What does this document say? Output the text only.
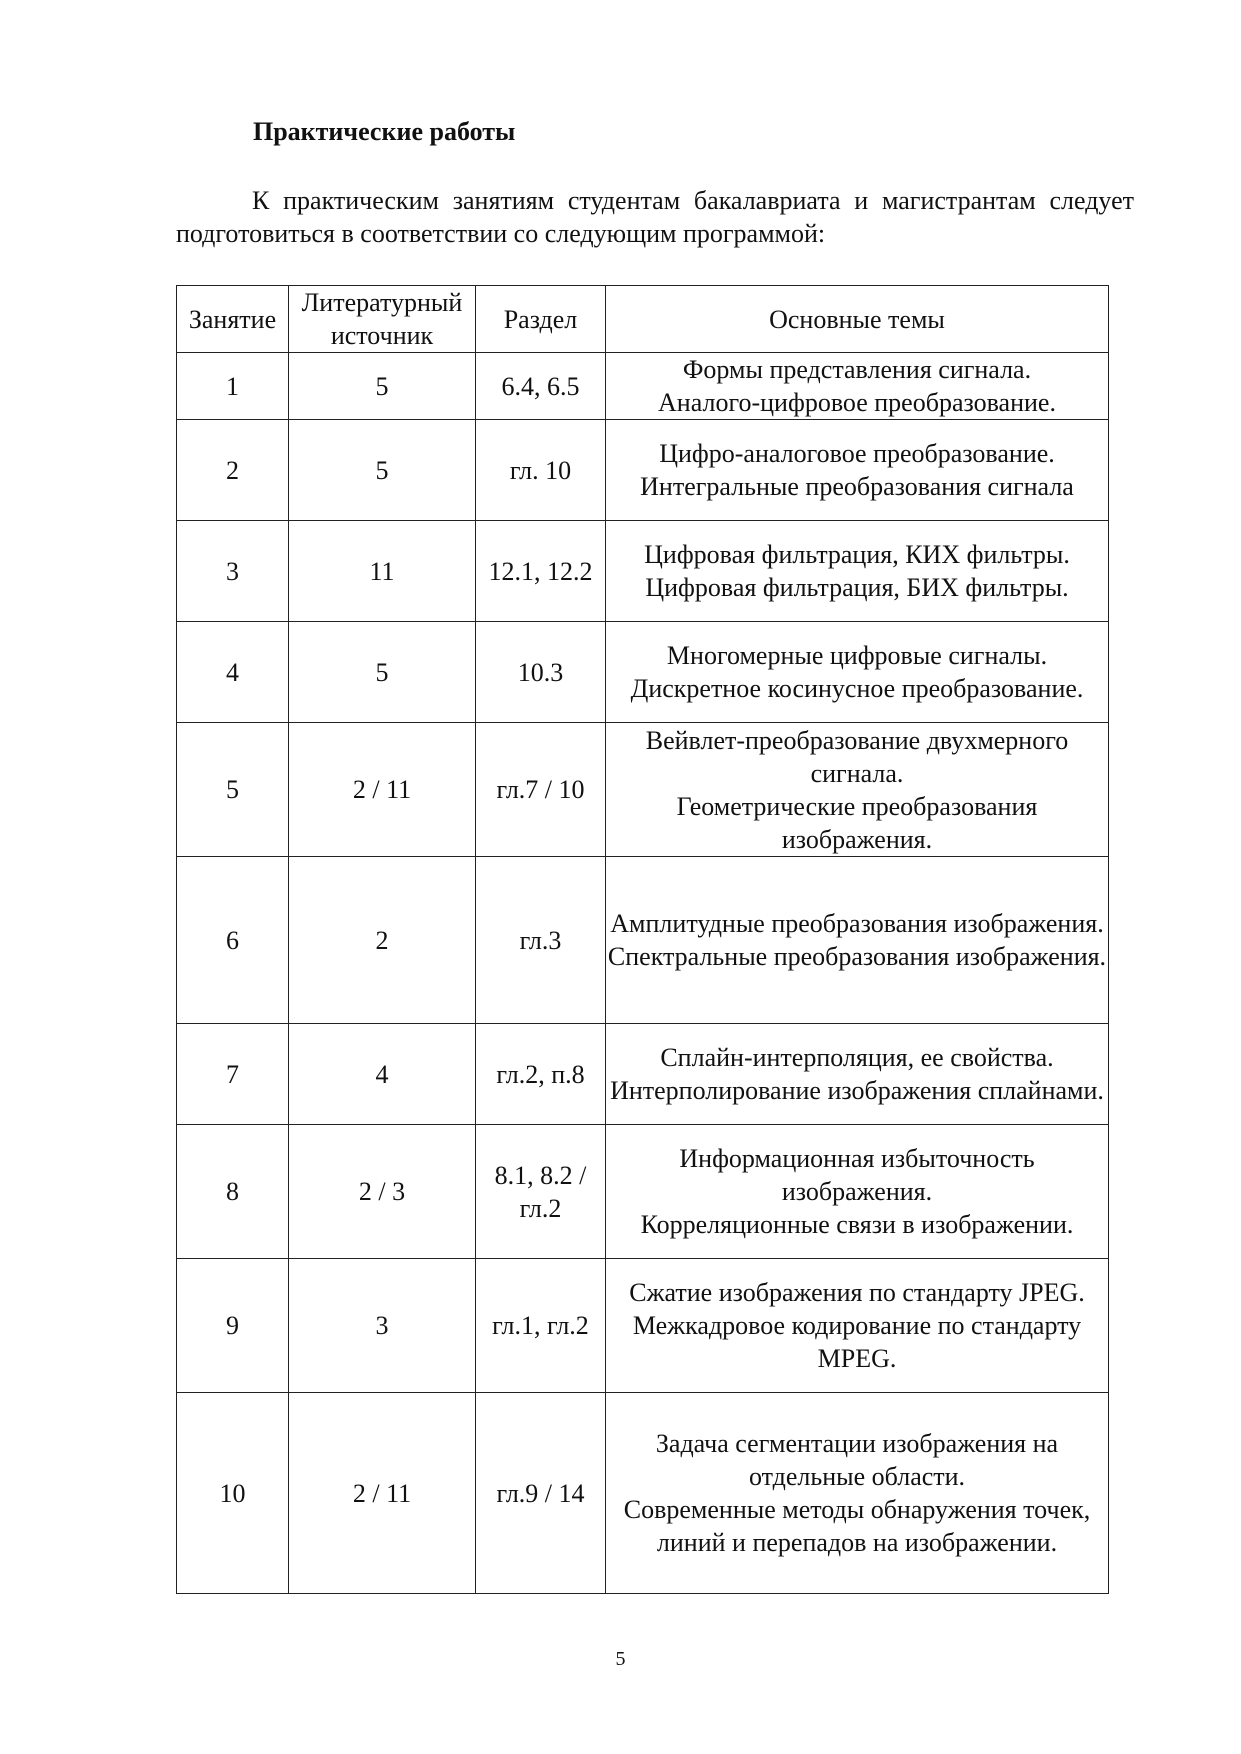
Практические работы

К практическим занятиям студентам бакалавриата и магистрантам следует подготовиться в соответствии со следующим программой:

Занятие	Литературный источник	Раздел	Основные темы
1	5	6.4, 6.5	Формы представления сигнала.
Аналого-цифровое преобразование.

2	5	гл. 10	Цифро-аналоговое преобразование.
Интегральные преобразования сигнала

3	11	12.1, 12.2	Цифровая фильтрация, КИХ фильтры.
Цифровая фильтрация, БИХ фильтры.

4	5	10.3	Многомерные цифровые сигналы.
Дискретное косинусное преобразование.

5	2 / 11	гл.7 / 10	Вейвлет-преобразование двухмерного сигнала.
Геометрические преобразования изображения.

6	2	гл.3	Амплитудные преобразования изображения.
Спектральные преобразования изображения.

7	4	гл.2, п.8	Сплайн-интерполяция, ее свойства.
Интерполирование изображения сплайнами.

8	2 / 3	8.1, 8.2 / гл.2	Информационная избыточность изображения.
Корреляционные связи в изображении.

9	3	гл.1, гл.2	Сжатие изображения по стандарту JPEG.
Межкадровое кодирование по стандарту MPEG.

10	2 / 11	гл.9 / 14	Задача сегментации изображения на отдельные области.
Современные методы обнаружения точек, линий и перепадов на изображении.
5
